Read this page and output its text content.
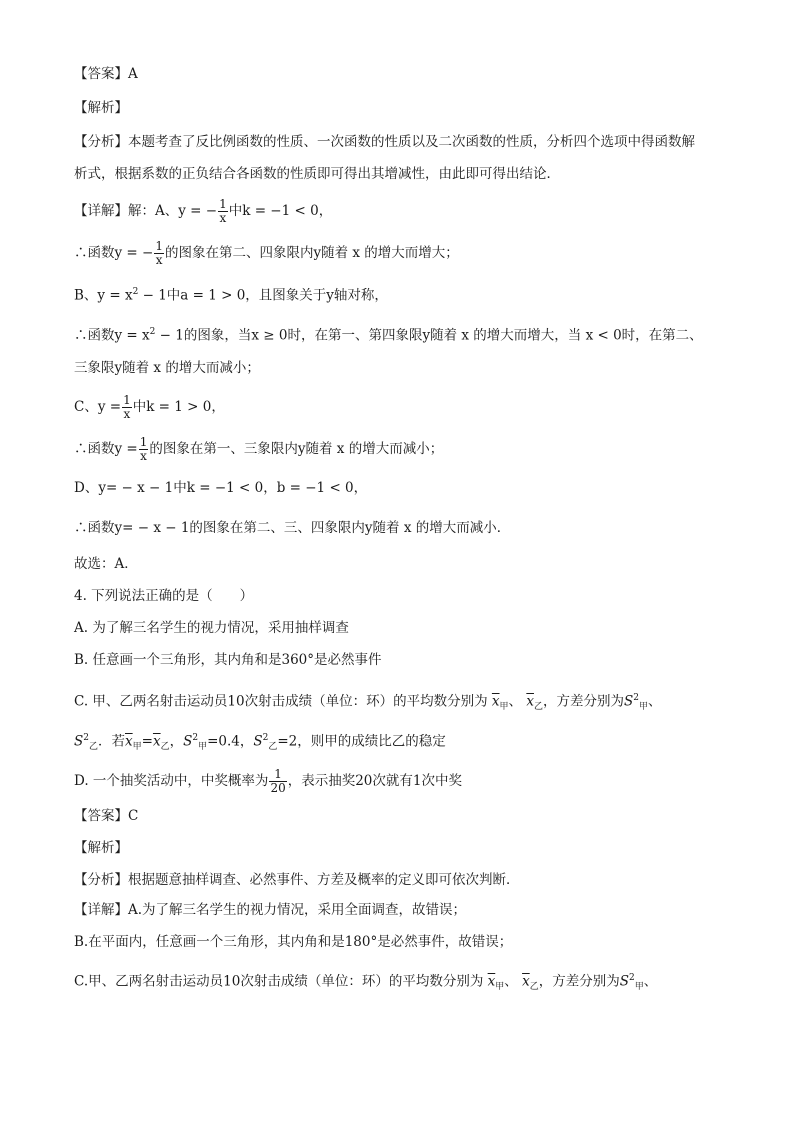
【答案】A
【解析】
【分析】本题考查了反比例函数的性质、一次函数的性质以及二次函数的性质，分析四个选项中得函数解
析式，根据系数的正负结合各函数的性质即可得出其增减性，由此即可得出结论．
【详解】解：A、y = − $\frac{1}{x}$ 中k = −1 < 0，
∴函数y = − $\frac{1}{x}$ 的图象在第二、四象限内y随着 x 的增大而增大；
B、$y = x^2 - 1$中a = 1 > 0，且图象关于y轴对称，
∴函数$y = x^2 - 1$的图象，当x ≥ 0时，在第一、第四象限y随着 x 的增大而增大，当 x < 0时，在第二、
三象限y随着 x 的增大而减小；
C、$y = \frac{1}{x}$ 中k = 1 > 0，
∴函数$y = \frac{1}{x}$ 的图象在第一、三象限内y随着 x 的增大而减小；
D、y= − x − 1中k = −1 < 0，b = −1 < 0，
∴函数y= − x − 1的图象在第二、三、四象限内y随着 x 的增大而减小．
故选：A．
4. 下列说法正确的是（　　）
A. 为了解三名学生的视力情况，采用抽样调查
B. 任意画一个三角形，其内角和是360°是必然事件
C. 甲、乙两名射击运动员10次射击成绩（单位：环）的平均数分别为 $\overline{x}_甲$、 $\overline{x}_乙$，方差分别为$S^2_甲$、
$S^2_乙$．若$\overline{x}_甲=\overline{x}_乙$，$S^2_甲=0.4$，$S^2_乙=2$，则甲的成绩比乙的稳定
D. 一个抽奖活动中，中奖概率为 $\frac{1}{20}$ ，表示抽奖20次就有1次中奖
【答案】C
【解析】
【分析】根据题意抽样调查、必然事件、方差及概率的定义即可依次判断．
【详解】A.为了解三名学生的视力情况，采用全面调查，故错误；
B.在平面内，任意画一个三角形，其内角和是180°是必然事件，故错误；
C.甲、乙两名射击运动员10次射击成绩（单位：环）的平均数分别为 $\overline{x}_甲$、 $\overline{x}_乙$，方差分别为$S^2_甲$、
